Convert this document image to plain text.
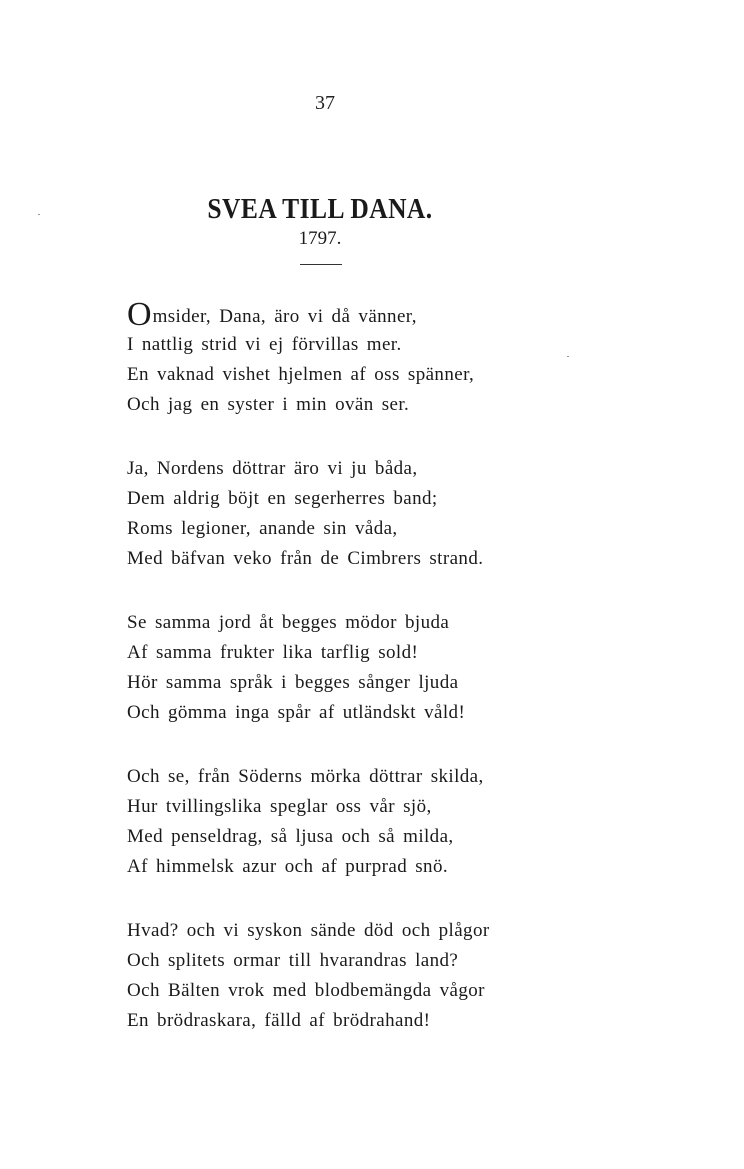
37
SVEA TILL DANA.
1797.
Omsider, Dana, äro vi då vänner,
I nattlig strid vi ej förvillas mer.
En vaknad vishet hjelmen af oss spänner,
Och jag en syster i min ovän ser.
Ja, Nordens döttrar äro vi ju båda,
Dem aldrig böjt en segerherres band;
Roms legioner, anande sin våda,
Med bäfvan veko från de Cimbrers strand.
Se samma jord åt begges mödor bjuda
Af samma frukter lika tarflig sold!
Hör samma språk i begges sånger ljuda
Och gömma inga spår af utländskt våld!
Och se, från Söderns mörka döttrar skilda,
Hur tvillingslika speglar oss vår sjö,
Med penseldrag, så ljusa och så milda,
Af himmelsk azur och af purprad snö.
Hvad? och vi syskon sände död och plågor
Och splitets ormar till hvarandras land?
Och Bälten vrok med blodbemängda vågor
En brödraskara, fälld af brödrahand!
